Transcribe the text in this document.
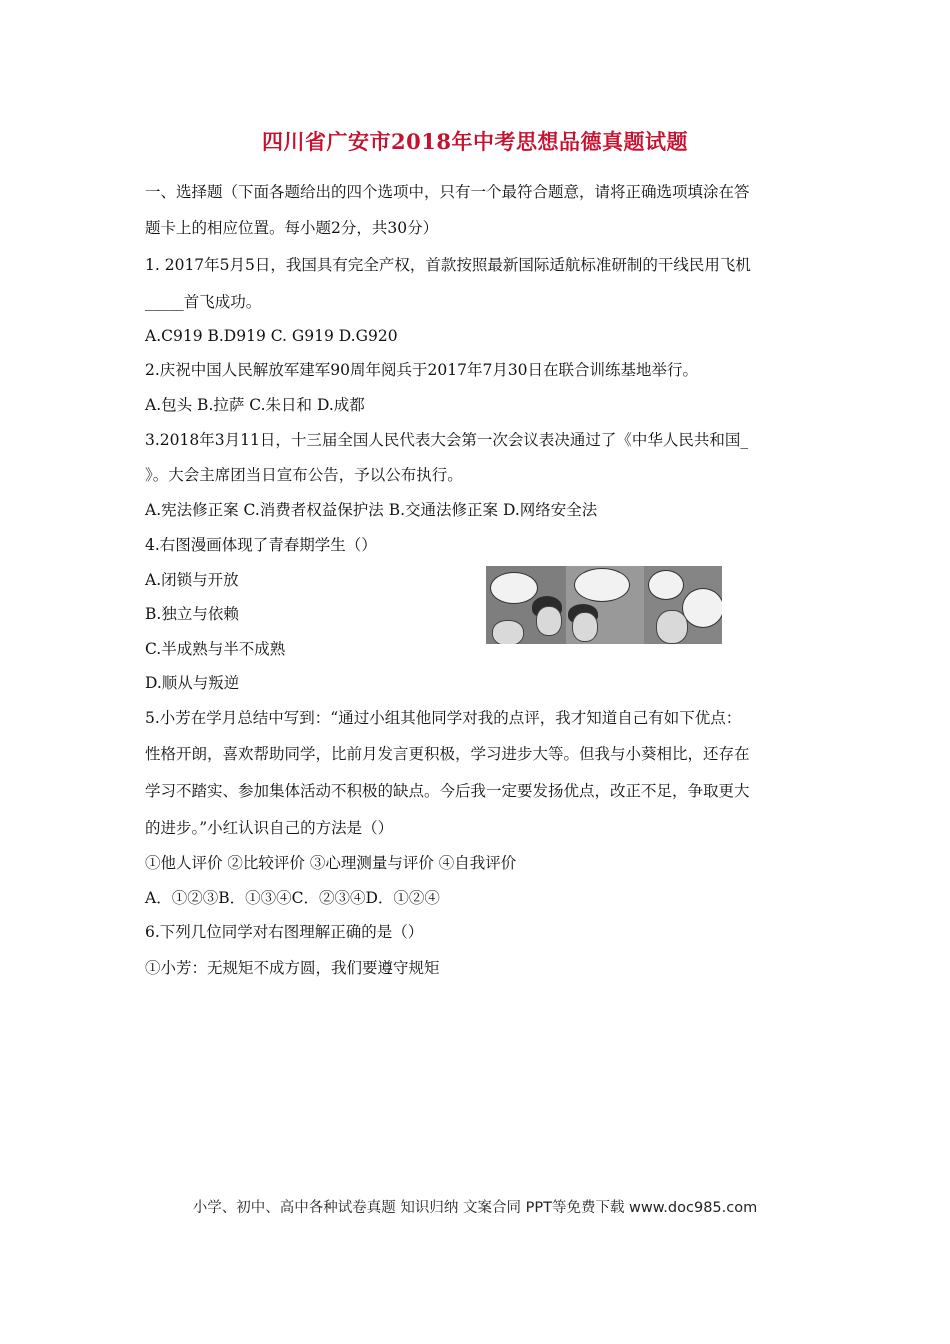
四川省广安市2018年中考思想品德真题试题
一、选择题（下面各题给出的四个选项中，只有一个最符合题意，请将正确选项填涂在答
题卡上的相应位置。每小题2分，共30分）
1. 2017年5月5日，我国具有完全产权，首款按照最新国际适航标准研制的干线民用飞机
_____首飞成功。
A.C919 B.D919 C. G919 D.G920
2.庆祝中国人民解放军建军90周年阅兵于2017年7月30日在联合训练基地举行。
A.包头 B.拉萨 C.朱日和 D.成都
3.2018年3月11日，十三届全国人民代表大会第一次会议表决通过了《中华人民共和国_
》。大会主席团当日宣布公告，予以公布执行。
A.宪法修正案 C.消费者权益保护法 B.交通法修正案 D.网络安全法
4.右图漫画体现了青春期学生（）
A.闭锁与开放
B.独立与依赖
C.半成熟与半不成熟
D.顺从与叛逆
5.小芳在学月总结中写到：“通过小组其他同学对我的点评，我才知道自己有如下优点：
性格开朗，喜欢帮助同学，比前月发言更积极，学习进步大等。但我与小葵相比，还存在
学习不踏实、参加集体活动不积极的缺点。今后我一定要发扬优点，改正不足，争取更大
的进步。”小红认识自己的方法是（）
①他人评价 ②比较评价 ③心理测量与评价 ④自我评价
A．①②③B．①③④C．②③④D．①②④
6.下列几位同学对右图理解正确的是（）
①小芳：无规矩不成方圆，我们要遵守规矩
小学、初中、高中各种试卷真题 知识归纳 文案合同 PPT等免费下载 www.doc985.com
